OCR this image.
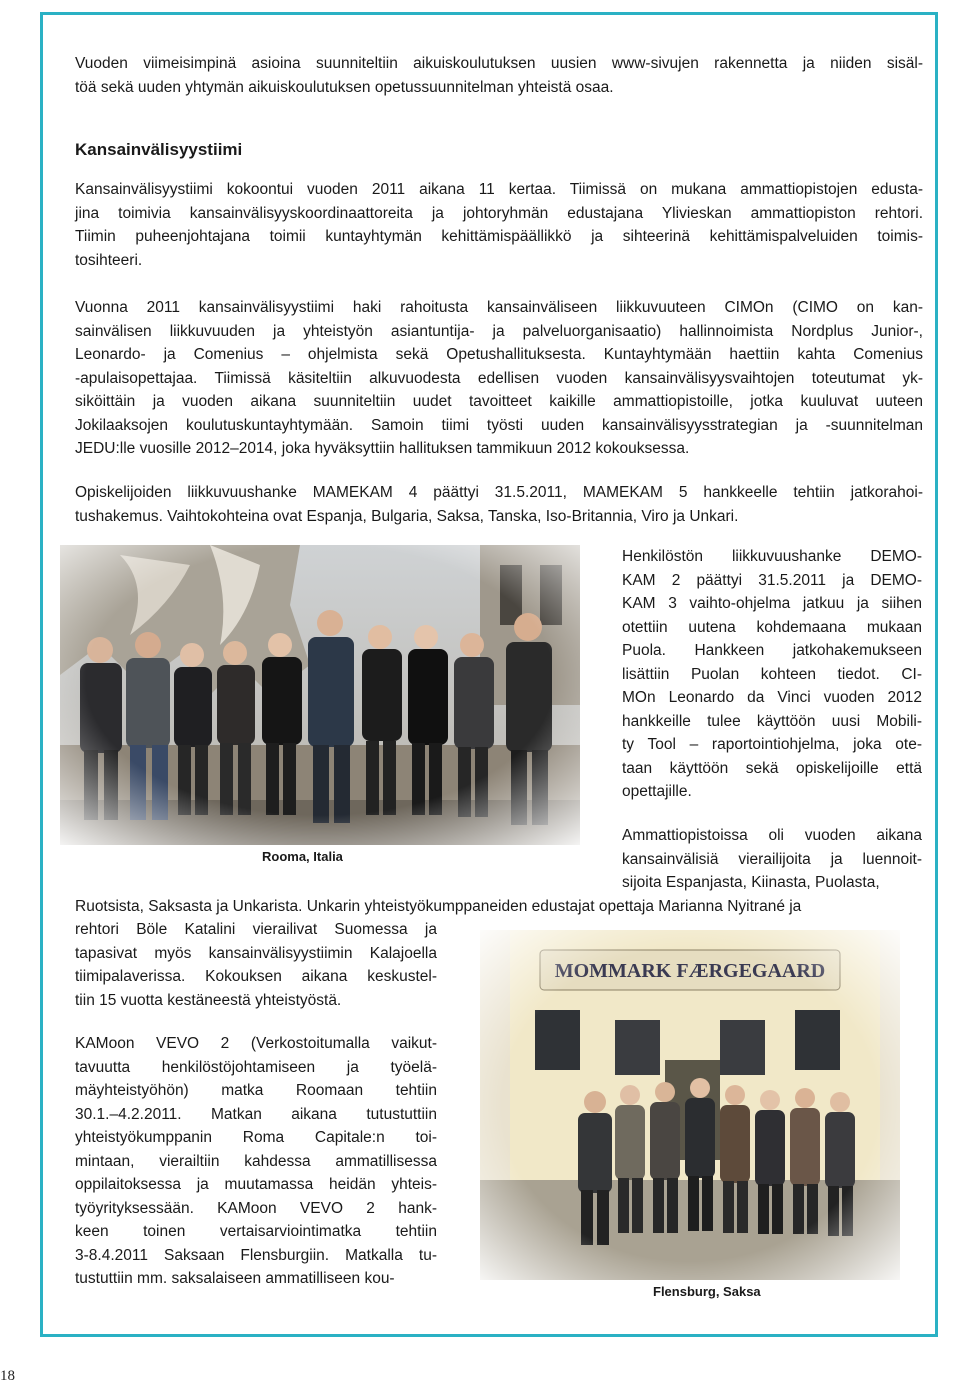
18
Vuoden viimeisimpinä asioina suunniteltiin aikuiskoulutuksen uusien www-sivujen rakennetta ja niiden sisäl-
töä sekä uuden yhtymän aikuiskoulutuksen opetussuunnitelman yhteistä osaa.
Kansainvälisyystiimi
Kansainvälisyystiimi kokoontui vuoden 2011 aikana 11 kertaa. Tiimissä on mukana ammattiopistojen edusta-
jina toimivia kansainvälisyyskoordinaattoreita ja johtoryhmän edustajana Ylivieskan ammattiopiston rehtori.
Tiimin puheenjohtajana toimii kuntayhtymän kehittämispäällikkö ja sihteerinä kehittämispalveluiden toimis-
tosihteeri.
Vuonna 2011 kansainvälisyystiimi haki rahoitusta kansainväliseen liikkuvuuteen CIMOn (CIMO on kan-
sainvälisen liikkuvuuden ja yhteistyön asiantuntija- ja palveluorganisaatio) hallinnoimista Nordplus Junior-,
Leonardo- ja Comenius – ohjelmista sekä Opetushallituksesta. Kuntayhtymään haettiin kahta Comenius
-apulaisopettajaa. Tiimissä käsiteltiin alkuvuodesta edellisen vuoden kansainvälisyysvaihtojen toteutumat yk-
siköittäin ja vuoden aikana suunniteltiin uudet tavoitteet kaikille ammattiopistoille, jotka kuuluvat uuteen
Jokilaaksojen koulutuskuntayhtymään. Samoin tiimi työsti uuden kansainvälisyysstrategian ja -suunnitelman
JEDU:lle vuosille 2012–2014, joka hyväksyttiin hallituksen tammikuun 2012 kokouksessa.
Opiskelijoiden liikkuvuushanke MAMEKAM 4 päättyi 31.5.2011, MAMEKAM 5 hankkeelle tehtiin jatkorahoi-
tushakemus. Vaihtokohteina ovat Espanja, Bulgaria, Saksa, Tanska, Iso-Britannia, Viro ja Unkari.
Henkilöstön liikkuvuushanke DEMO-
KAM 2 päättyi 31.5.2011 ja DEMO-
KAM 3 vaihto-ohjelma jatkuu ja siihen
otettiin uutena kohdemaana mukaan
Puola. Hankkeen jatkohakemukseen
lisättiin Puolan kohteen tiedot. CI-
MOn Leonardo da Vinci vuoden 2012
hankkeille tulee käyttöön uusi Mobili-
ty Tool – raportointiohjelma, joka ote-
taan käyttöön sekä opiskelijoille että
opettajille.
Ammattiopistoissa oli vuoden aikana
kansainvälisiä vierailijoita ja luennoit-
sijoita Espanjasta, Kiinasta, Puolasta,
Ruotsista, Saksasta ja Unkarista. Unkarin yhteistyökumppaneiden edustajat opettaja Marianna Nyitrané ja
rehtori Böle Katalini vierailivat Suomessa ja
tapasivat myös kansainvälisyystiimin Kalajoella
tiimipalaverissa. Kokouksen aikana keskustel-
tiin 15 vuotta kestäneestä yhteistyöstä.
KAMoon VEVO 2 (Verkostoitumalla vaikut-
tavuutta henkilöstöjohtamiseen ja työelä-
mäyhteistyöhön) matka Roomaan tehtiin
30.1.–4.2.2011. Matkan aikana tutustuttiin
yhteistyökumppanin Roma Capitale:n toi-
mintaan, vierailtiin kahdessa ammatillisessa
oppilaitoksessa ja muutamassa heidän yhteis-
työyrityksessään. KAMoon VEVO 2 hank-
keen toinen vertaisarviointimatka tehtiin
3-8.4.2011 Saksaan Flensburgiin. Matkalla tu-
tustuttiin mm. saksalaiseen ammatilliseen kou-
Rooma, Italia
Flensburg, Saksa
